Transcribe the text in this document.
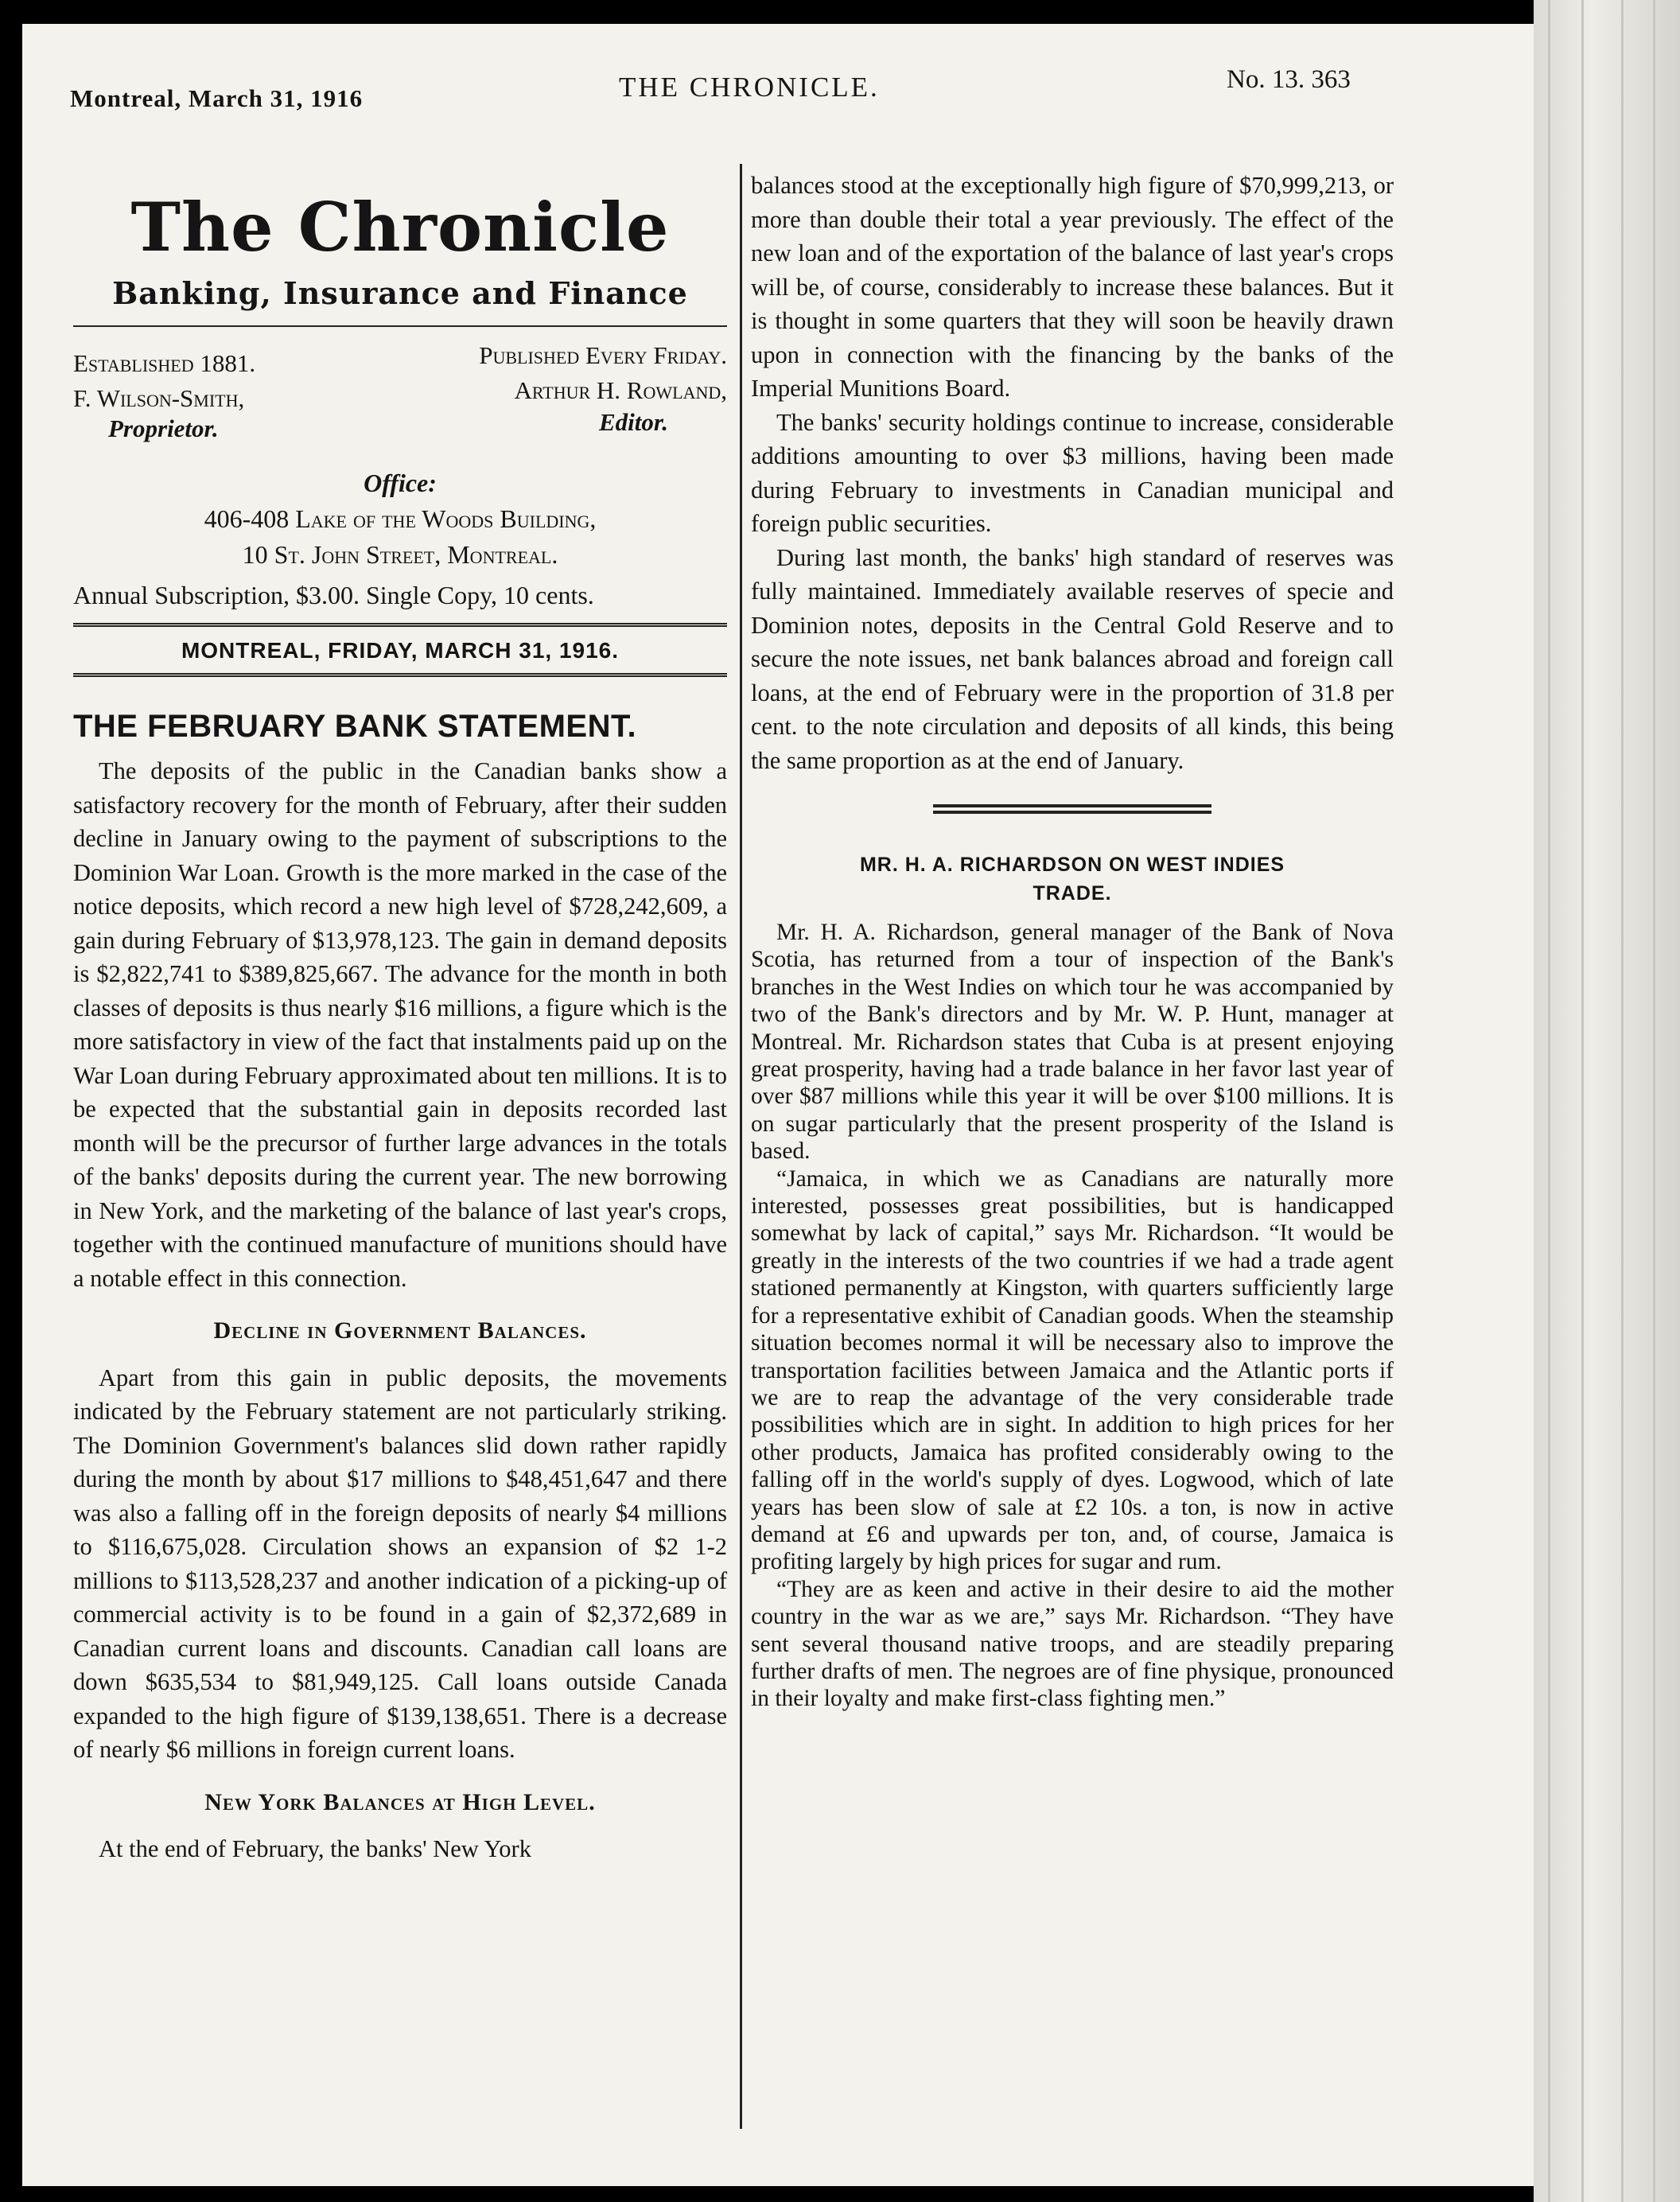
Montreal, March 31, 1916	THE CHRONICLE.	No. 13. 363
The Chronicle
Banking, Insurance and Finance
Established 1881.
F. Wilson-Smith,
Proprietor.
Published Every Friday.
Arthur H. Rowland,
Editor.
Office:
406-408 Lake of the Woods Building,
10 St. John Street, Montreal.
Annual Subscription, $3.00. Single Copy, 10 cents.
MONTREAL, FRIDAY, MARCH 31, 1916.
THE FEBRUARY BANK STATEMENT.

The deposits of the public in the Canadian banks show a satisfactory recovery for the month of February, after their sudden decline in January owing to the payment of subscriptions to the Dominion War Loan. Growth is the more marked in the case of the notice deposits, which record a new high level of $728,242,609, a gain during February of $13,978,123. The gain in demand deposits is $2,822,741 to $389,825,667. The advance for the month in both classes of deposits is thus nearly $16 millions, a figure which is the more satisfactory in view of the fact that instalments paid up on the War Loan during February approximated about ten millions. It is to be expected that the substantial gain in deposits recorded last month will be the precursor of further large advances in the totals of the banks' deposits during the current year. The new borrowing in New York, and the marketing of the balance of last year's crops, together with the continued manufacture of munitions should have a notable effect in this connection.

Decline in Government Balances.

Apart from this gain in public deposits, the movements indicated by the February statement are not particularly striking. The Dominion Government's balances slid down rather rapidly during the month by about $17 millions to $48,451,647 and there was also a falling off in the foreign deposits of nearly $4 millions to $116,675,028. Circulation shows an expansion of $2 1-2 millions to $113,528,237 and another indication of a picking-up of commercial activity is to be found in a gain of $2,372,689 in Canadian current loans and discounts. Canadian call loans are down $635,534 to $81,949,125. Call loans outside Canada expanded to the high figure of $139,138,651. There is a decrease of nearly $6 millions in foreign current loans.

New York Balances at High Level.

At the end of February, the banks' New York

balances stood at the exceptionally high figure of $70,999,213, or more than double their total a year previously. The effect of the new loan and of the exportation of the balance of last year's crops will be, of course, considerably to increase these balances. But it is thought in some quarters that they will soon be heavily drawn upon in connection with the financing by the banks of the Imperial Munitions Board.

The banks' security holdings continue to increase, considerable additions amounting to over $3 millions, having been made during February to investments in Canadian municipal and foreign public securities.

During last month, the banks' high standard of reserves was fully maintained. Immediately available reserves of specie and Dominion notes, deposits in the Central Gold Reserve and to secure the note issues, net bank balances abroad and foreign call loans, at the end of February were in the proportion of 31.8 per cent. to the note circulation and deposits of all kinds, this being the same proportion as at the end of January.

MR. H. A. RICHARDSON ON WEST INDIES
TRADE.

Mr. H. A. Richardson, general manager of the Bank of Nova Scotia, has returned from a tour of inspection of the Bank's branches in the West Indies on which tour he was accompanied by two of the Bank's directors and by Mr. W. P. Hunt, manager at Montreal. Mr. Richardson states that Cuba is at present enjoying great prosperity, having had a trade balance in her favor last year of over $87 millions while this year it will be over $100 millions. It is on sugar particularly that the present prosperity of the Island is based.

“Jamaica, in which we as Canadians are naturally more interested, possesses great possibilities, but is handicapped somewhat by lack of capital,” says Mr. Richardson. “It would be greatly in the interests of the two countries if we had a trade agent stationed permanently at Kingston, with quarters sufficiently large for a representative exhibit of Canadian goods. When the steamship situation becomes normal it will be necessary also to improve the transportation facilities between Jamaica and the Atlantic ports if we are to reap the advantage of the very considerable trade possibilities which are in sight. In addition to high prices for her other products, Jamaica has profited considerably owing to the falling off in the world's supply of dyes. Logwood, which of late years has been slow of sale at £2 10s. a ton, is now in active demand at £6 and upwards per ton, and, of course, Jamaica is profiting largely by high prices for sugar and rum.

“They are as keen and active in their desire to aid the mother country in the war as we are,” says Mr. Richardson. “They have sent several thousand native troops, and are steadily preparing further drafts of men. The negroes are of fine physique, pronounced in their loyalty and make first-class fighting men.”
